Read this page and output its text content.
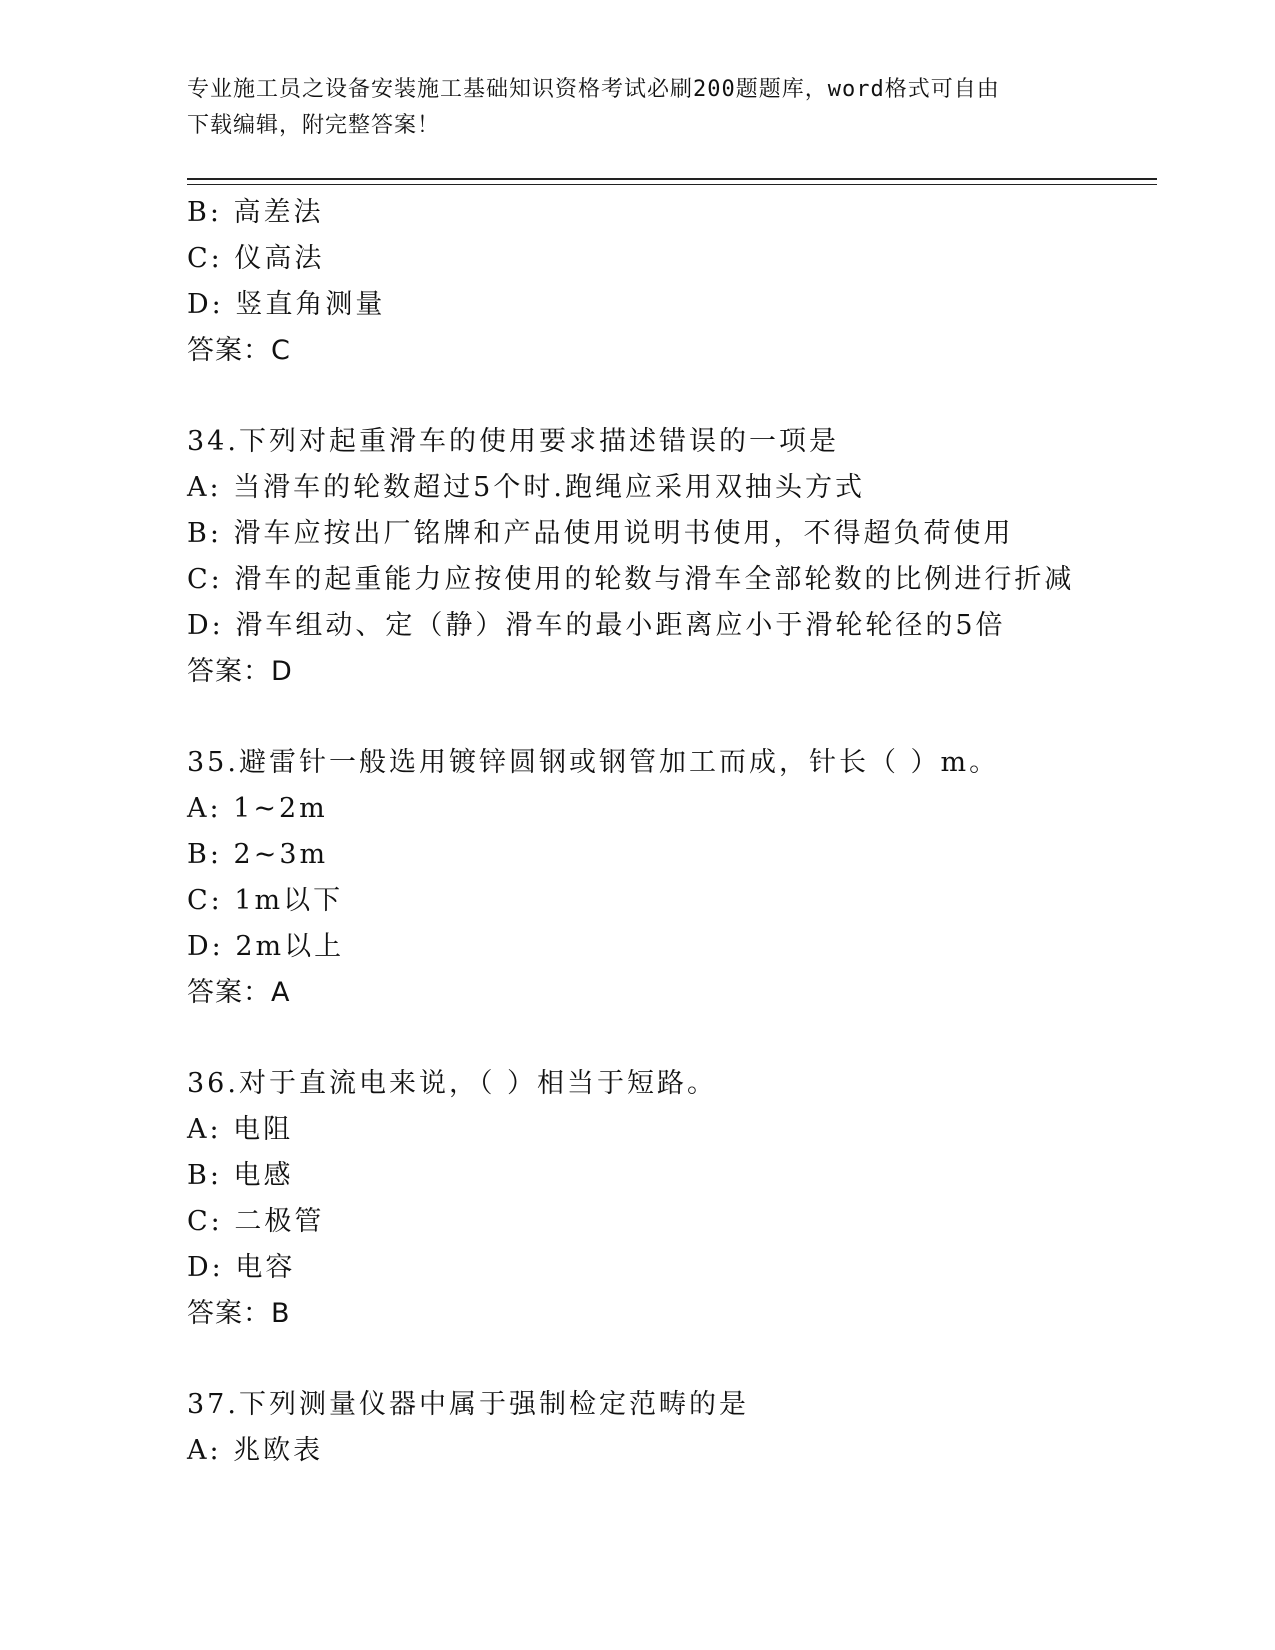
专业施工员之设备安装施工基础知识资格考试必刷200题题库，word格式可自由
下载编辑，附完整答案！
B: 高差法
C: 仪高法
D: 竖直角测量
答案：C
34.下列对起重滑车的使用要求描述错误的一项是
A: 当滑车的轮数超过5个时.跑绳应采用双抽头方式
B: 滑车应按出厂铭牌和产品使用说明书使用，不得超负荷使用
C: 滑车的起重能力应按使用的轮数与滑车全部轮数的比例进行折减
D: 滑车组动、定（静）滑车的最小距离应小于滑轮轮径的5倍
答案：D
35.避雷针一般选用镀锌圆钢或钢管加工而成，针长（ ）m。
A: 1~2m
B: 2~3m
C: 1m以下
D: 2m以上
答案：A
36.对于直流电来说，（ ）相当于短路。
A: 电阻
B: 电感
C: 二极管
D: 电容
答案：B
37.下列测量仪器中属于强制检定范畴的是
A: 兆欧表
